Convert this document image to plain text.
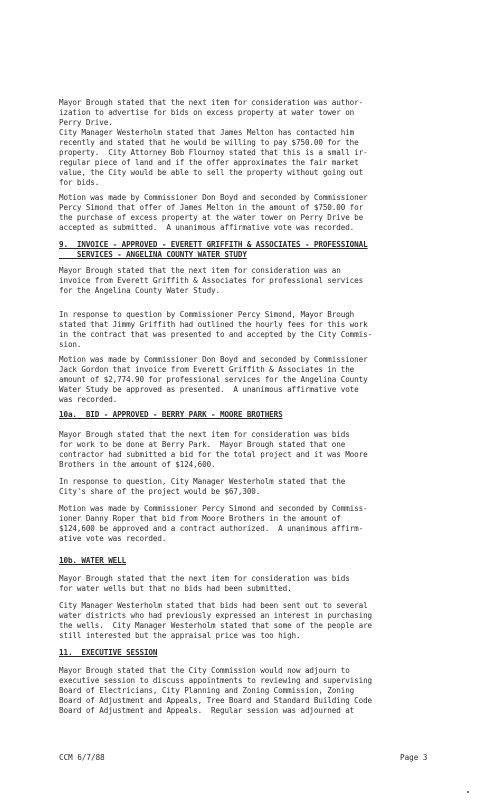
Mayor Brough stated that the next item for consideration was author-
ization to advertise for bids on excess property at water tower on
Perry Drive.
City Manager Westerholm stated that James Melton has contacted him
recently and stated that he would be willing to pay $750.00 for the
property.  City Attorney Bob Flournoy stated that this is a small ir-
regular piece of land and if the offer approximates the fair market
value, the City would be able to sell the property without going out
for bids.
Motion was made by Commissioner Don Boyd and seconded by Commissioner
Percy Simond that offer of James Melton in the amount of $750.00 for
the purchase of excess property at the water tower on Perry Drive be
accepted as submitted.  A unanimous affirmative vote was recorded.
9.  INVOICE - APPROVED - EVERETT GRIFFITH & ASSOCIATES - PROFESSIONAL
SERVICES - ANGELINA COUNTY WATER STUDY
Mayor Brough stated that the next item for consideration was an
invoice from Everett Griffith & Associates for professional services
for the Angelina County Water Study.
In response to question by Commissioner Percy Simond, Mayor Brough
stated that Jimmy Griffith had outlined the hourly fees for this work
in the contract that was presented to and accepted by the City Commis-
sion.
Motion was made by Commissioner Don Boyd and seconded by Commissioner
Jack Gordon that invoice from Everett Griffith & Associates in the
amount of $2,774.90 for professional services for the Angelina County
Water Study be approved as presented.  A unanimous affirmative vote
was recorded.
10a.  BID - APPROVED - BERRY PARK - MOORE BROTHERS
Mayor Brough stated that the next item for consideration was bids
for work to be done at Berry Park.  Mayor Brough stated that one
contractor had submitted a bid for the total project and it was Moore
Brothers in the amount of $124,600.
In response to question, City Manager Westerholm stated that the
City's share of the project would be $67,300.
Motion was made by Commissioner Percy Simond and seconded by Commiss-
ioner Danny Roper that bid from Moore Brothers in the amount of
$124,600 be approved and a contract authorized.  A unanimous affirm-
ative vote was recorded.
10b. WATER WELL
Mayor Brough stated that the next item for consideration was bids
for water wells but that no bids had been submitted.
City Manager Westerholm stated that bids had been sent out to several
water districts who had previously expressed an interest in purchasing
the wells.  City Manager Westerholm stated that some of the people are
still interested but the appraisal price was too high.
11.  EXECUTIVE SESSION
Mayor Brough stated that the City Commission would now adjourn to
executive session to discuss appointments to reviewing and supervising
Board of Electricians, City Planning and Zoning Commission, Zoning
Board of Adjustment and Appeals, Tree Board and Standard Building Code
Board of Adjustment and Appeals.  Regular session was adjourned at
CCM 6/7/88	Page 3
